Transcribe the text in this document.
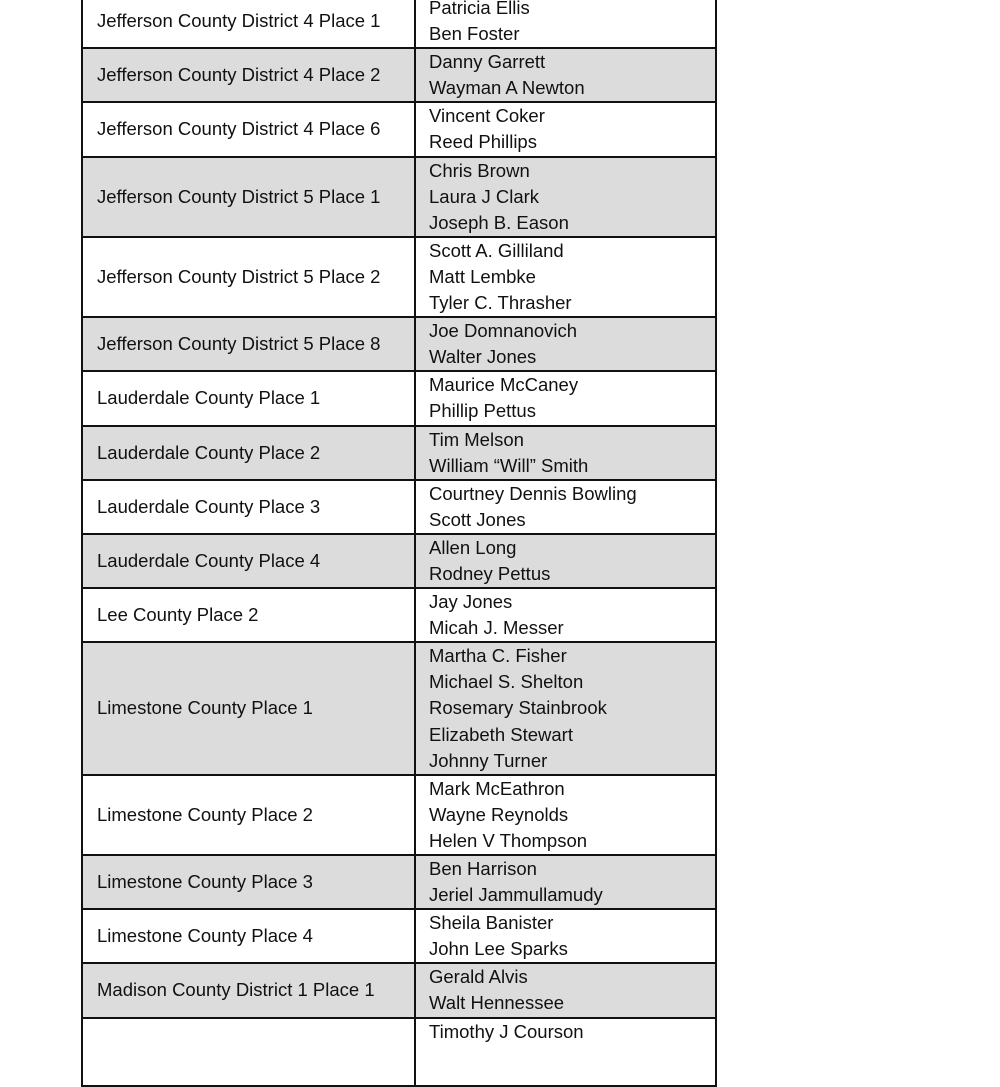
Jefferson County District 4 Place 1	Patricia Ellis
Ben Foster

Jefferson County District 4 Place 2	Danny Garrett
Wayman A Newton

Jefferson County District 4 Place 6	Vincent Coker
Reed Phillips

Jefferson County District 5 Place 1	Chris Brown
Laura J Clark
Joseph B. Eason

Jefferson County District 5 Place 2	Scott A. Gilliland
Matt Lembke
Tyler C. Thrasher

Jefferson County District 5 Place 8	Joe Domnanovich
Walter Jones

Lauderdale County Place 1	Maurice McCaney
Phillip Pettus

Lauderdale County Place 2	Tim Melson
William “Will” Smith

Lauderdale County Place 3	Courtney Dennis Bowling
Scott Jones

Lauderdale County Place 4	Allen Long
Rodney Pettus

Lee County Place 2	Jay Jones
Micah J. Messer

Limestone County Place 1	Martha C. Fisher
Michael S. Shelton
Rosemary Stainbrook
Elizabeth Stewart
Johnny Turner

Limestone County Place 2	Mark McEathron
Wayne Reynolds
Helen V Thompson

Limestone County Place 3	Ben Harrison
Jeriel Jammullamudy

Limestone County Place 4	Sheila Banister
John Lee Sparks

Madison County District 1 Place 1	Gerald Alvis
Walt Hennessee

	Timothy J Courson
